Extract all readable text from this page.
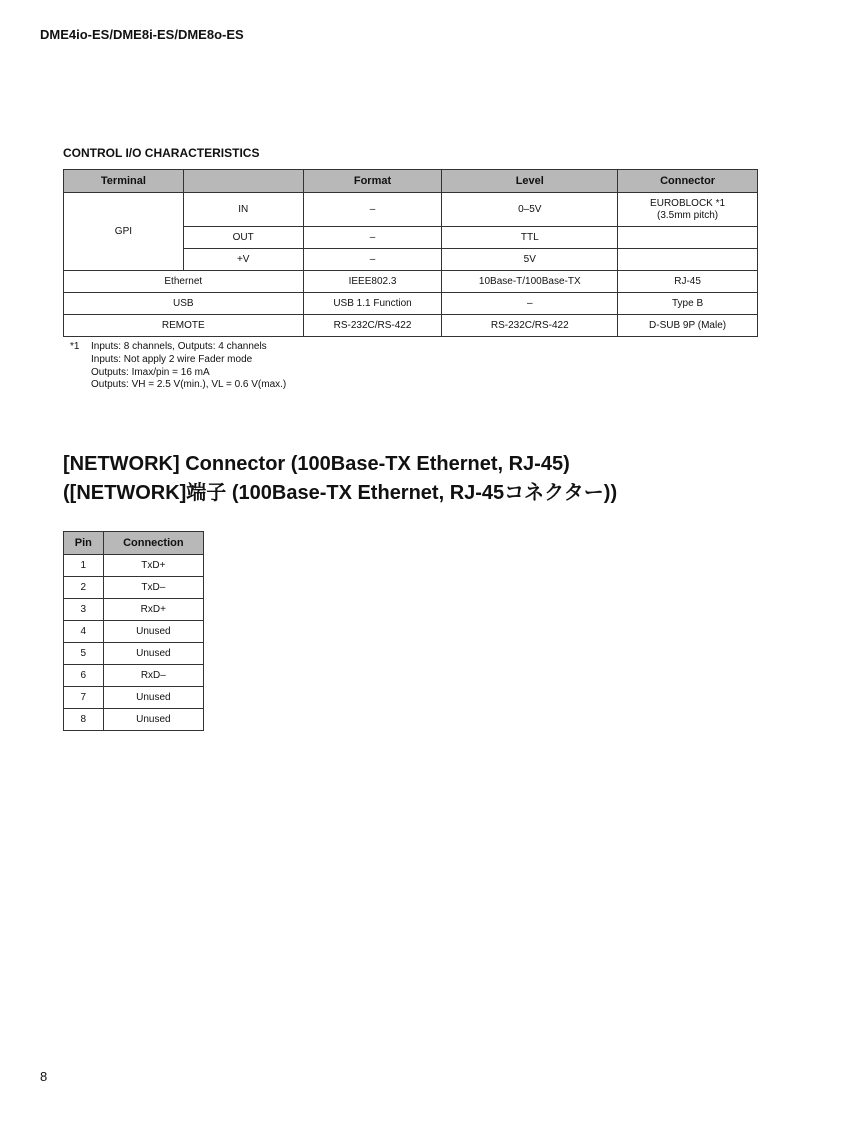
DME4io-ES/DME8i-ES/DME8o-ES
CONTROL I/O CHARACTERISTICS
Terminal		Format	Level	Connector
GPI	IN	–	0–5V	EUROBLOCK *1
(3.5mm pitch)

	OUT	–	TTL	
	+V	–	5V	
Ethernet		IEEE802.3	10Base-T/100Base-TX	RJ-45
USB		USB 1.1 Function	–	Type B
REMOTE		RS-232C/RS-422	RS-232C/RS-422	D-SUB 9P (Male)
*1 Inputs: 8 channels, Outputs: 4 channels
Inputs: Not apply 2 wire Fader mode
Outputs: Imax/pin = 16 mA
Outputs: VH = 2.5 V(min.), VL = 0.6 V(max.)
[NETWORK] Connector (100Base-TX Ethernet, RJ-45)
([NETWORK]端子 (100Base-TX Ethernet, RJ-45コネクター))
Pin	Connection
1	TxD+
2	TxD–
3	RxD+
4	Unused
5	Unused
6	RxD–
7	Unused
8	Unused
8
